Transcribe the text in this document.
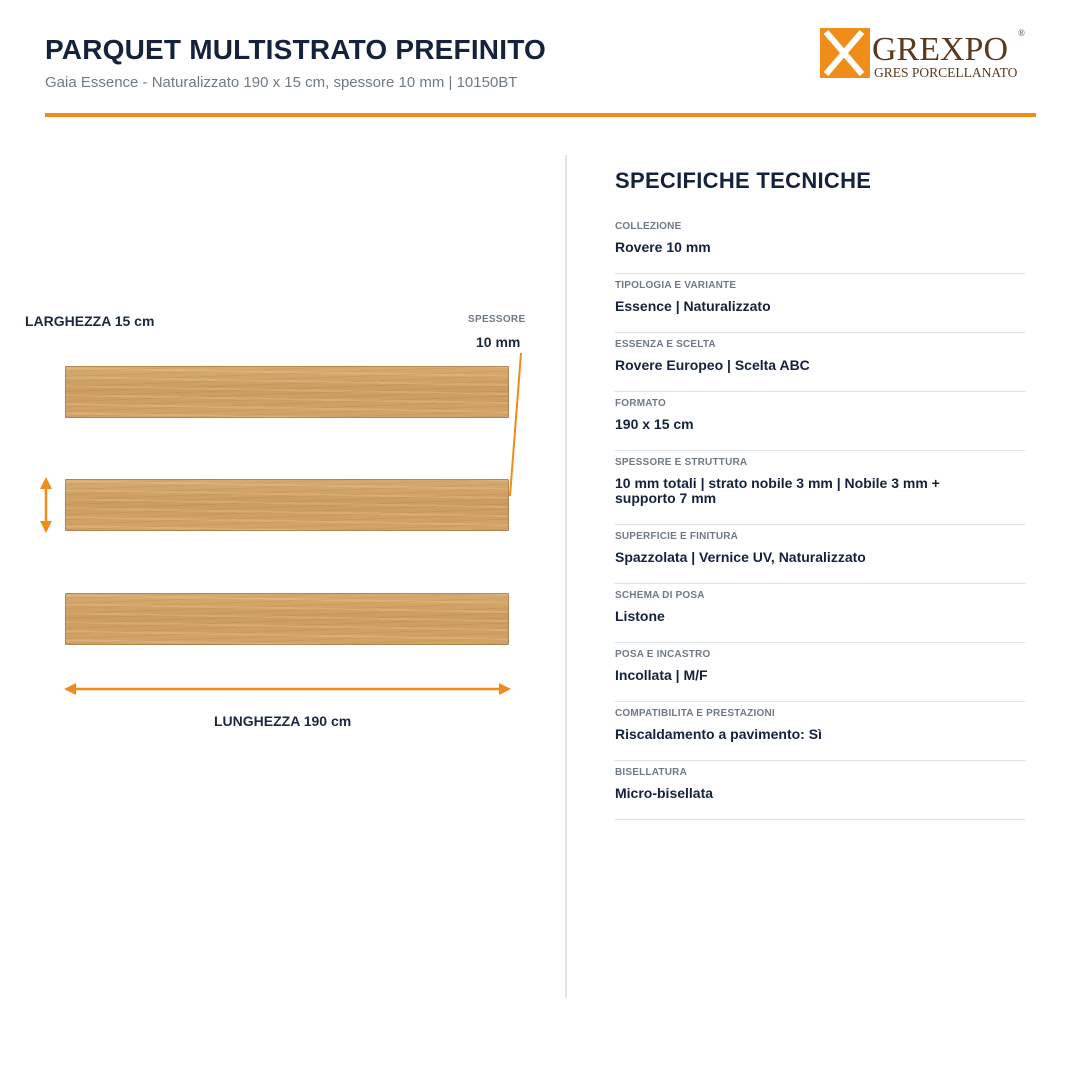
PARQUET MULTISTRATO PREFINITO
Gaia Essence - Naturalizzato 190 x 15 cm, spessore 10 mm | 10150BT
GREXPO ®
GRES PORCELLANATO
LARGHEZZA 15 cm	SPESSORE
10 mm
LUNGHEZZA 190 cm
SPECIFICHE TECNICHE
COLLEZIONE
Rovere 10 mm
TIPOLOGIA E VARIANTE
Essence | Naturalizzato
ESSENZA E SCELTA
Rovere Europeo | Scelta ABC
FORMATO
190 x 15 cm
SPESSORE E STRUTTURA
10 mm totali | strato nobile 3 mm | Nobile 3 mm + supporto 7 mm
SUPERFICIE E FINITURA
Spazzolata | Vernice UV, Naturalizzato
SCHEMA DI POSA
Listone
POSA E INCASTRO
Incollata | M/F
COMPATIBILITA E PRESTAZIONI
Riscaldamento a pavimento: Sì
BISELLATURA
Micro-bisellata
